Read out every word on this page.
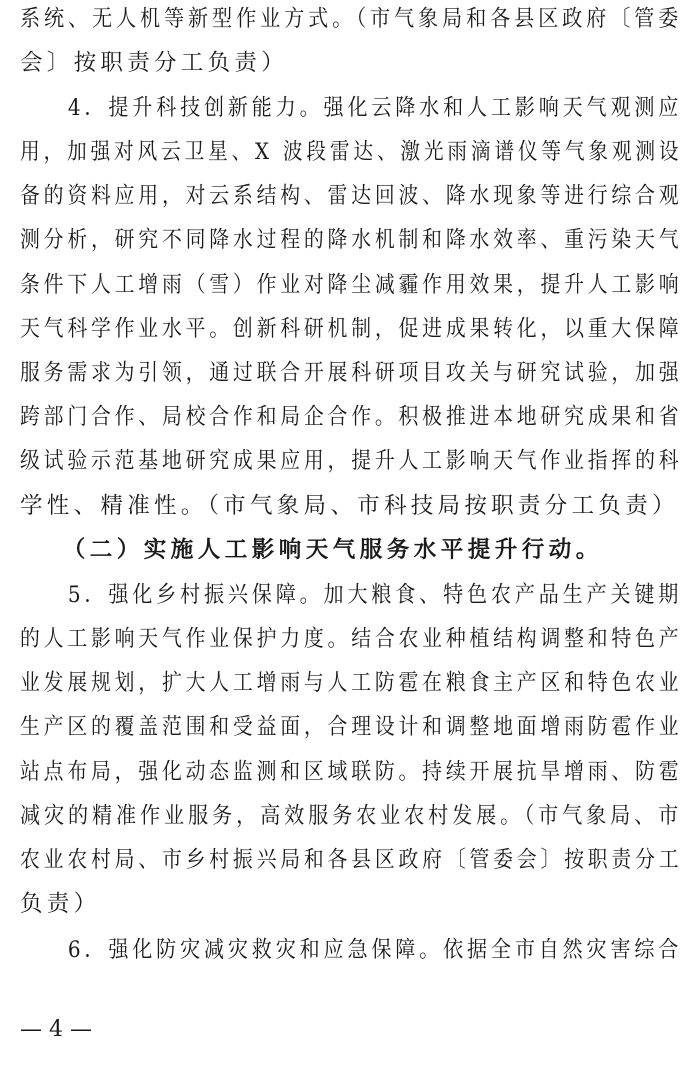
系统、无人机等新型作业方式。（市气象局和各县区政府〔管委
会〕按职责分工负责）
　　4．提升科技创新能力。强化云降水和人工影响天气观测应
用，加强对风云卫星、X 波段雷达、激光雨滴谱仪等气象观测设
备的资料应用，对云系结构、雷达回波、降水现象等进行综合观
测分析，研究不同降水过程的降水机制和降水效率、重污染天气
条件下人工增雨（雪）作业对降尘减霾作用效果，提升人工影响
天气科学作业水平。创新科研机制，促进成果转化，以重大保障
服务需求为引领，通过联合开展科研项目攻关与研究试验，加强
跨部门合作、局校合作和局企合作。积极推进本地研究成果和省
级试验示范基地研究成果应用，提升人工影响天气作业指挥的科
学性、精准性。（市气象局、市科技局按职责分工负责）
　　（二）实施人工影响天气服务水平提升行动。
　　5．强化乡村振兴保障。加大粮食、特色农产品生产关键期
的人工影响天气作业保护力度。结合农业种植结构调整和特色产
业发展规划，扩大人工增雨与人工防雹在粮食主产区和特色农业
生产区的覆盖范围和受益面，合理设计和调整地面增雨防雹作业
站点布局，强化动态监测和区域联防。持续开展抗旱增雨、防雹
减灾的精准作业服务，高效服务农业农村发展。（市气象局、市
农业农村局、市乡村振兴局和各县区政府〔管委会〕按职责分工
负责）
　　6．强化防灾减灾救灾和应急保障。依据全市自然灾害综合
— 4 —
